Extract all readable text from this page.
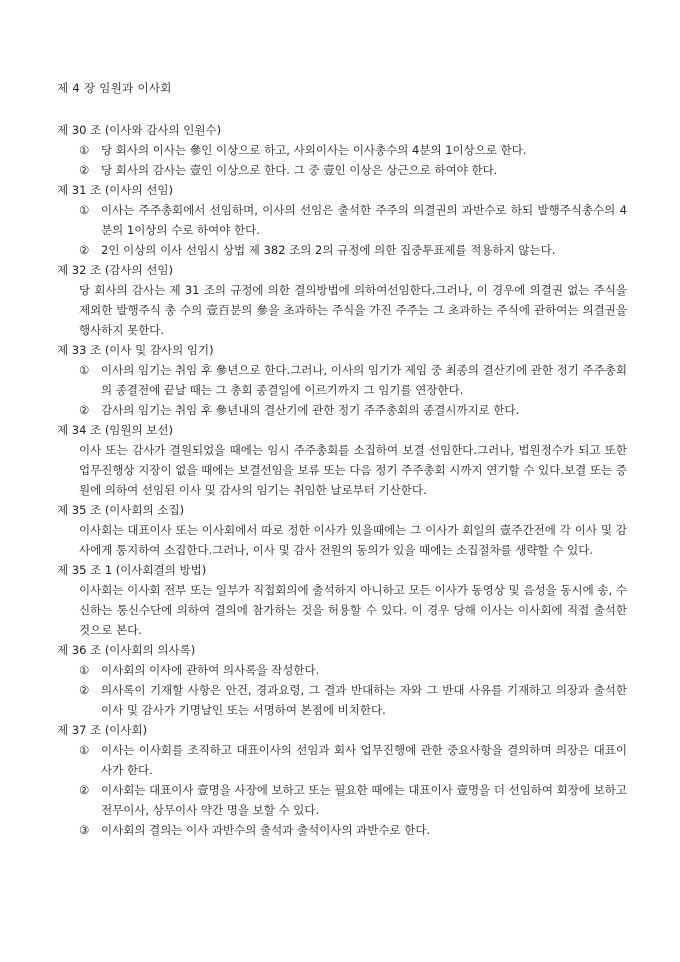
제 4 장 임원과 이사회
제 30 조 (이사와 감사의 인원수)
①	당 회사의 이사는 參인 이상으로 하고, 사외이사는 이사총수의 4분의 1이상으로 한다.
②	당 회사의 감사는 壹인 이상으로 한다. 그 중 壹인 이상은 상근으로 하여야 한다.
제 31 조 (이사의 선임)
①	이사는 주주총회에서 선임하며, 이사의 선임은 출석한 주주의 의결권의 과반수로 하되 발행주식총수의 4분의 1이상의 수로 하여야 한다.
②	2인 이상의 이사 선임시 상법 제 382 조의 2의 규정에 의한 집중투표제를 적용하지 않는다.
제 32 조 (감사의 선임)
당 회사의 감사는 제 31 조의 규정에 의한 결의방법에 의하여선임한다.그러나, 이 경우에 의결권 없는 주식을 제외한 발행주식 총 수의 壹百분의 參을 초과하는 주식을 가진 주주는 그 초과하는 주식에 관하여는 의결권을 행사하지 못한다.
제 33 조 (이사 및 감사의 임기)
①	이사의 임기는 취임 후 參년으로 한다.그러나, 이사의 임기가 제임 중 최종의 결산기에 관한 정기 주주총회의 종결전에 끝날 때는 그 총회 종결일에 이르기까지 그 임기를 연장한다.
②	감사의 임기는 취임 후 參년내의 결산기에 관한 정기 주주총회의 종결시까지로 한다.
제 34 조 (임원의 보선)
이사 또는 감사가 결원되었을 때에는 임시 주주총회를 소집하여 보결 선임한다.그러나, 법원정수가 되고 또한 업무진행상 지장이 없을 때에는 보결선임을 보류 또는 다음 정기 주주총회 시까지 연기할 수 있다.보결 또는 증원에 의하여 선임된 이사 및 감사의 임기는 취임한 날로부터 기산한다.
제 35 조 (이사회의 소집)
이사회는 대표이사 또는 이사회에서 따로 정한 이사가 있을때에는 그 이사가 회일의 壹주간전에 각 이사 및 감사에게 통지하여 소집한다.그러나, 이사 및 감사 전원의 동의가 있을 때에는 소집절차를 생략할 수 있다.
제 35 조 1 (이사회결의 방법)
이사회는 이사회 전부 또는 일부가 직접회의에 출석하지 아니하고 모든 이사가 동영상 및 음성을 동시에 송, 수신하는 통신수단에 의하여 결의에 참가하는 것을 허용할 수 있다. 이 경우 당해 이사는 이사회에 직접 출석한 것으로 본다.
제 36 조 (이사회의 의사록)
①	이사회의 이사에 관하여 의사록을 작성한다.
②	의사록이 기재할 사항은 안건, 경과요령, 그 결과 반대하는 자와 그 반대 사유를 기재하고 의장과 출석한 이사 및 감사가 기명날인 또는 서명하여 본점에 비치한다.
제 37 조 (이사회)
①	이사는 이사회를 조직하고 대표이사의 선임과 회사 업무진행에 관한 중요사항을 결의하며 의장은 대표이사가 한다.
②	이사회는 대표이사 壹명을 사장에 보하고 또는 필요한 때에는 대표이사 壹명을 더 선임하여 회장에 보하고 전무이사, 상무이사 약간 명을 보할 수 있다.
③	이사회의 결의는 이사 과반수의 출석과 출석이사의 과반수로 한다.
